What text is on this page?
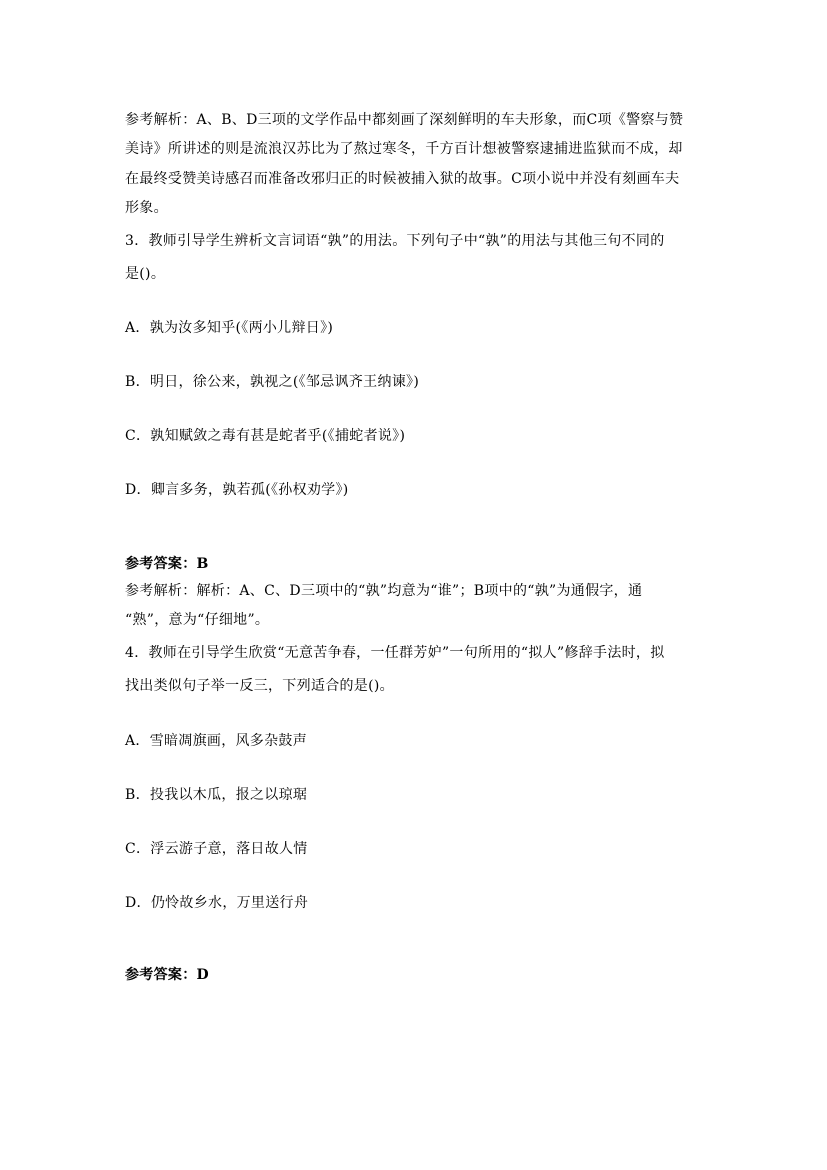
参考解析：A、B、D三项的文学作品中都刻画了深刻鲜明的车夫形象，而C项《警察与赞
美诗》所讲述的则是流浪汉苏比为了熬过寒冬，千方百计想被警察逮捕进监狱而不成，却
在最终受赞美诗感召而准备改邪归正的时候被捕入狱的故事。C项小说中并没有刻画车夫
形象。
3．教师引导学生辨析文言词语“孰”的用法。下列句子中“孰”的用法与其他三句不同的
是()。
A．孰为汝多知乎(《两小儿辩日》)
B．明日，徐公来，孰视之(《邹忌讽齐王纳谏》)
C．孰知赋敛之毒有甚是蛇者乎(《捕蛇者说》)
D．卿言多务，孰若孤(《孙权劝学》)
参考答案：B
参考解析：解析：A、C、D三项中的“孰”均意为“谁”；B项中的“孰”为通假字，通
“熟”，意为“仔细地”。
4．教师在引导学生欣赏“无意苦争春，一任群芳妒”一句所用的“拟人”修辞手法时，拟
找出类似句子举一反三，下列适合的是()。
A．雪暗凋旗画，风多杂鼓声
B．投我以木瓜，报之以琼琚
C．浮云游子意，落日故人情
D．仍怜故乡水，万里送行舟
参考答案：D
